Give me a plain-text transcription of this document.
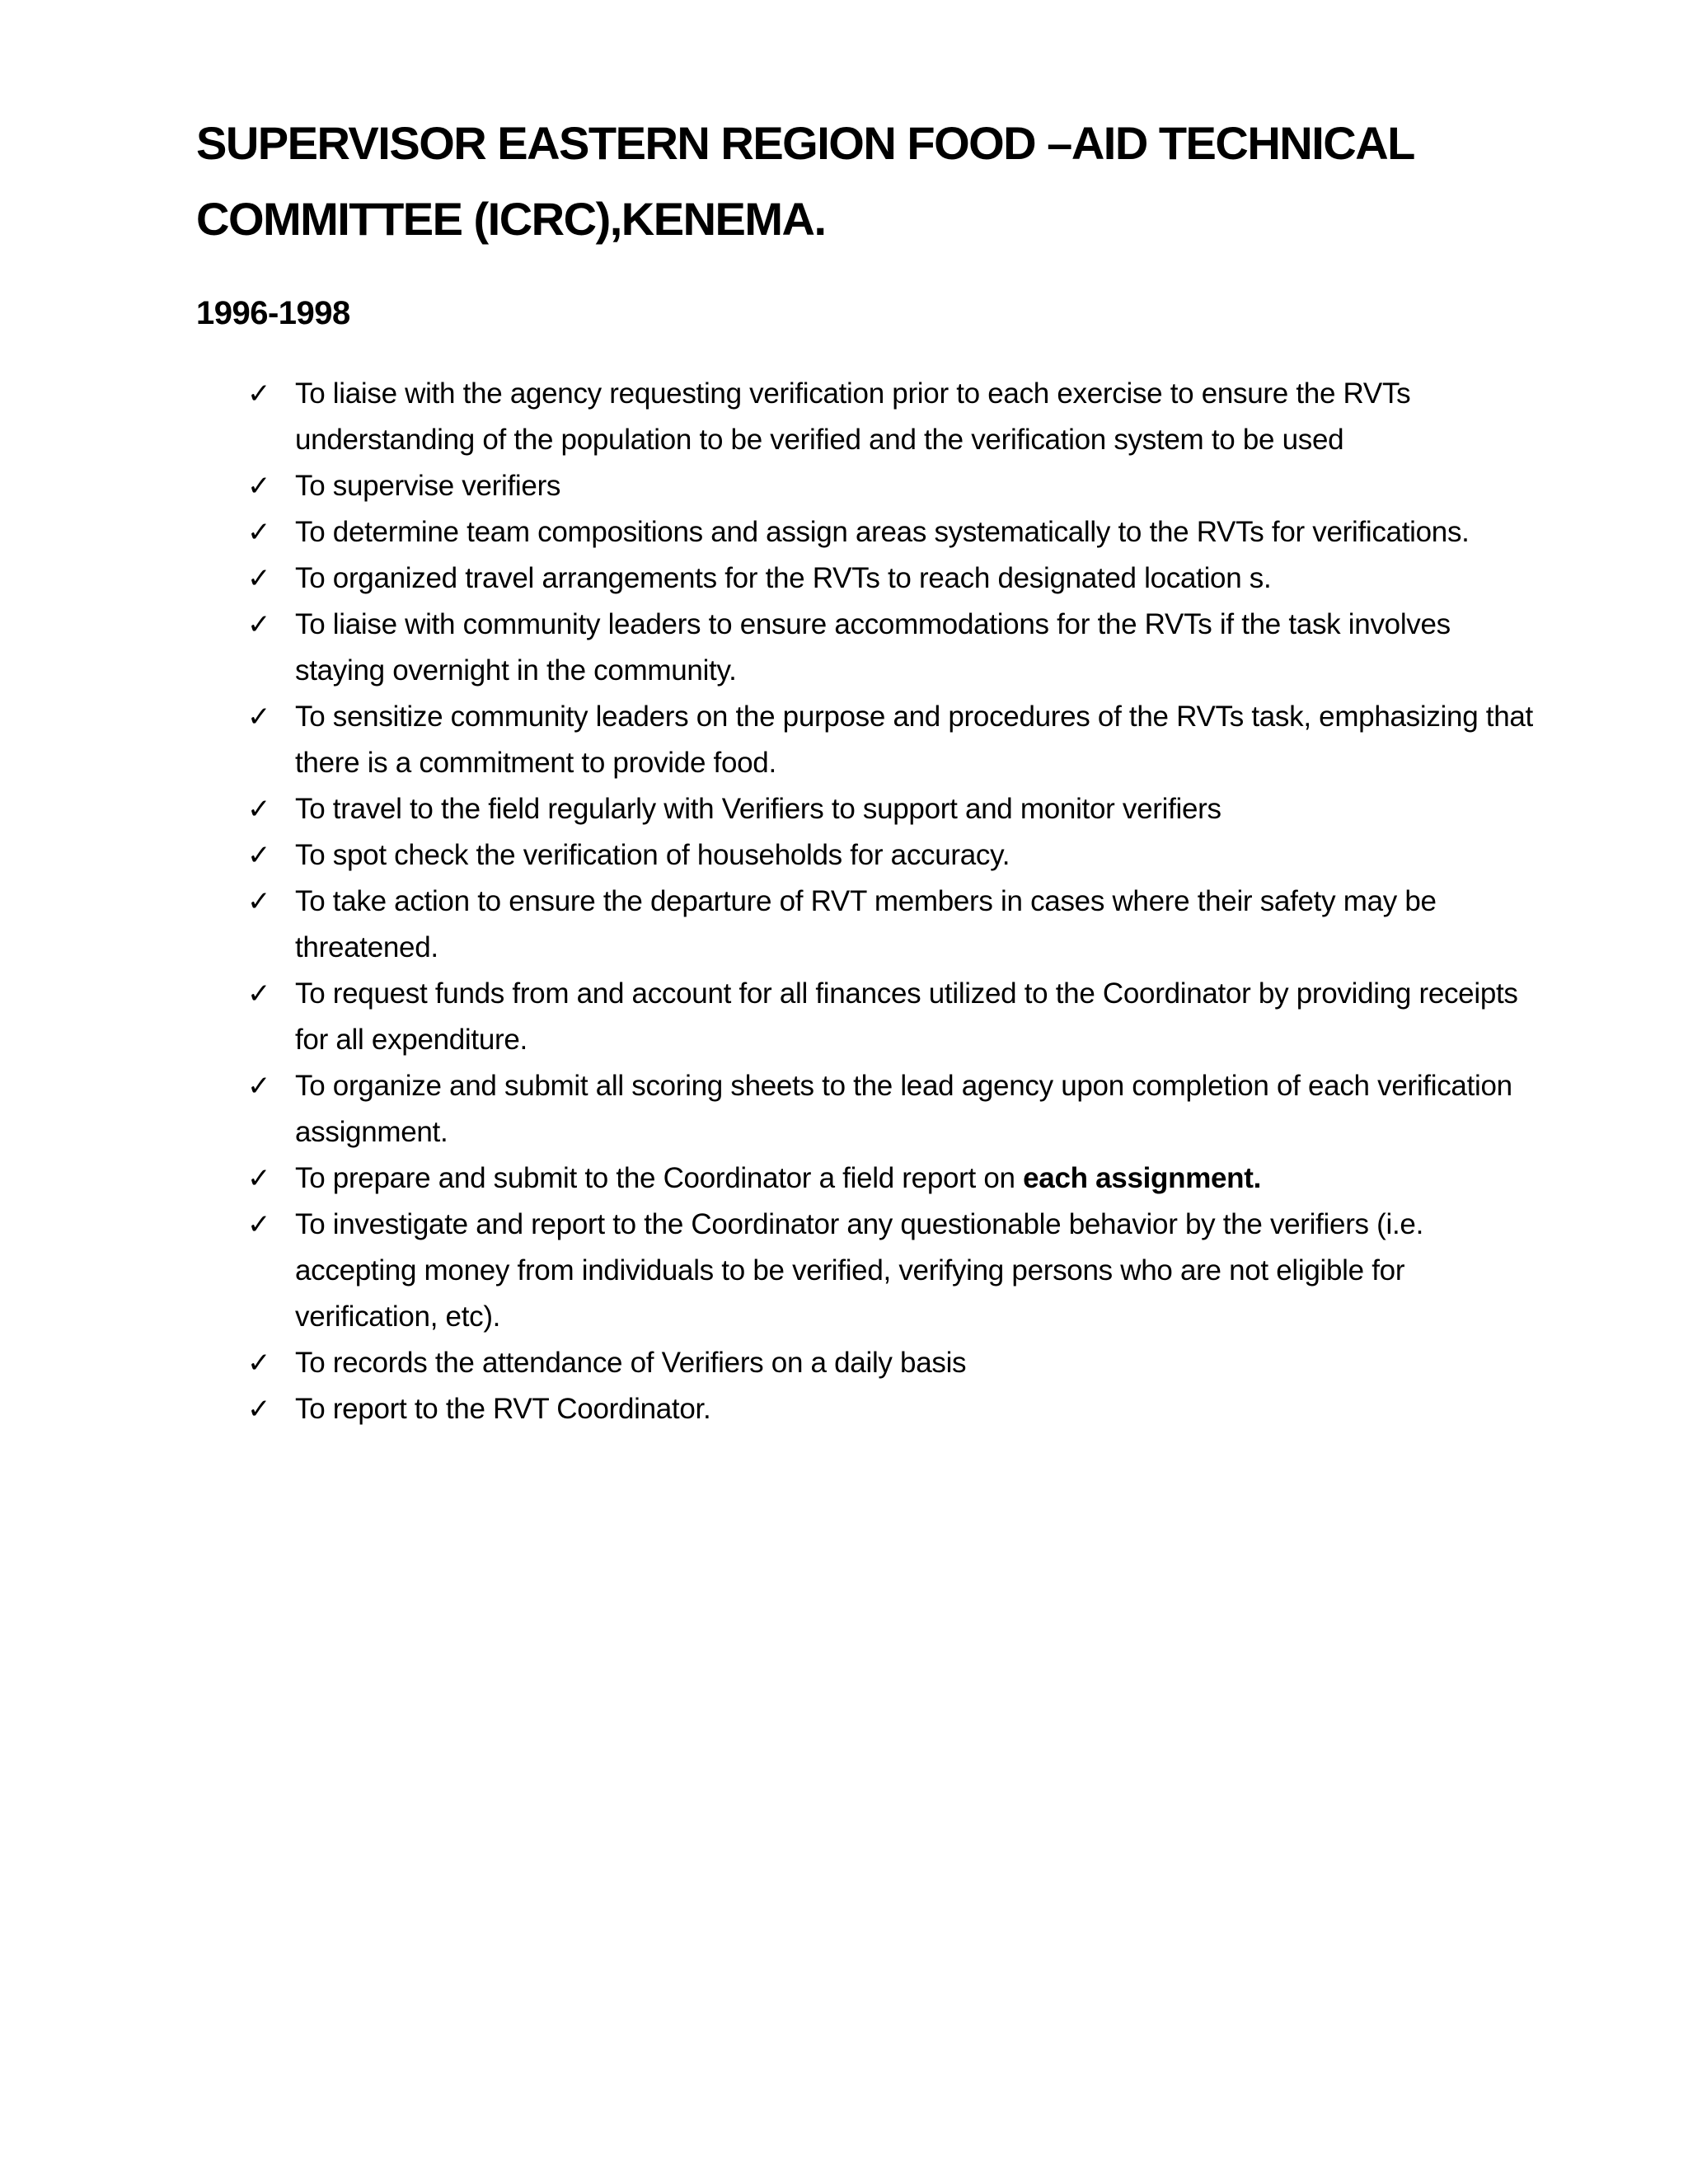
SUPERVISOR EASTERN REGION FOOD –AID TECHNICAL
COMMITTEE (ICRC),KENEMA.

1996-1998

✓ To liaise with the agency requesting verification prior to each exercise to ensure the RVTs understanding of the population to be verified and the verification system to be used
✓ To supervise verifiers
✓ To determine team compositions and assign areas systematically to the RVTs for verifications.
✓ To organized travel arrangements for the RVTs to reach designated location s.
✓ To liaise with community leaders to ensure accommodations for the RVTs if the task involves staying overnight in the community.
✓ To sensitize community leaders on the purpose and procedures of the RVTs task, emphasizing that there is a commitment to provide food.
✓ To travel to the field regularly with Verifiers to support and monitor verifiers
✓ To spot check the verification of households for accuracy.
✓ To take action to ensure the departure of RVT members in cases where their safety may be threatened.
✓ To request funds from and account for all finances utilized to the Coordinator by providing receipts for all expenditure.
✓ To organize and submit all scoring sheets to the lead agency upon completion of each verification assignment.
✓ To prepare and submit to the Coordinator a field report on each assignment.
✓ To investigate and report to the Coordinator any questionable behavior by the verifiers (i.e. accepting money from individuals to be verified, verifying persons who are not eligible for verification, etc).
✓ To records the attendance of Verifiers on a daily basis
✓ To report to the RVT Coordinator.
